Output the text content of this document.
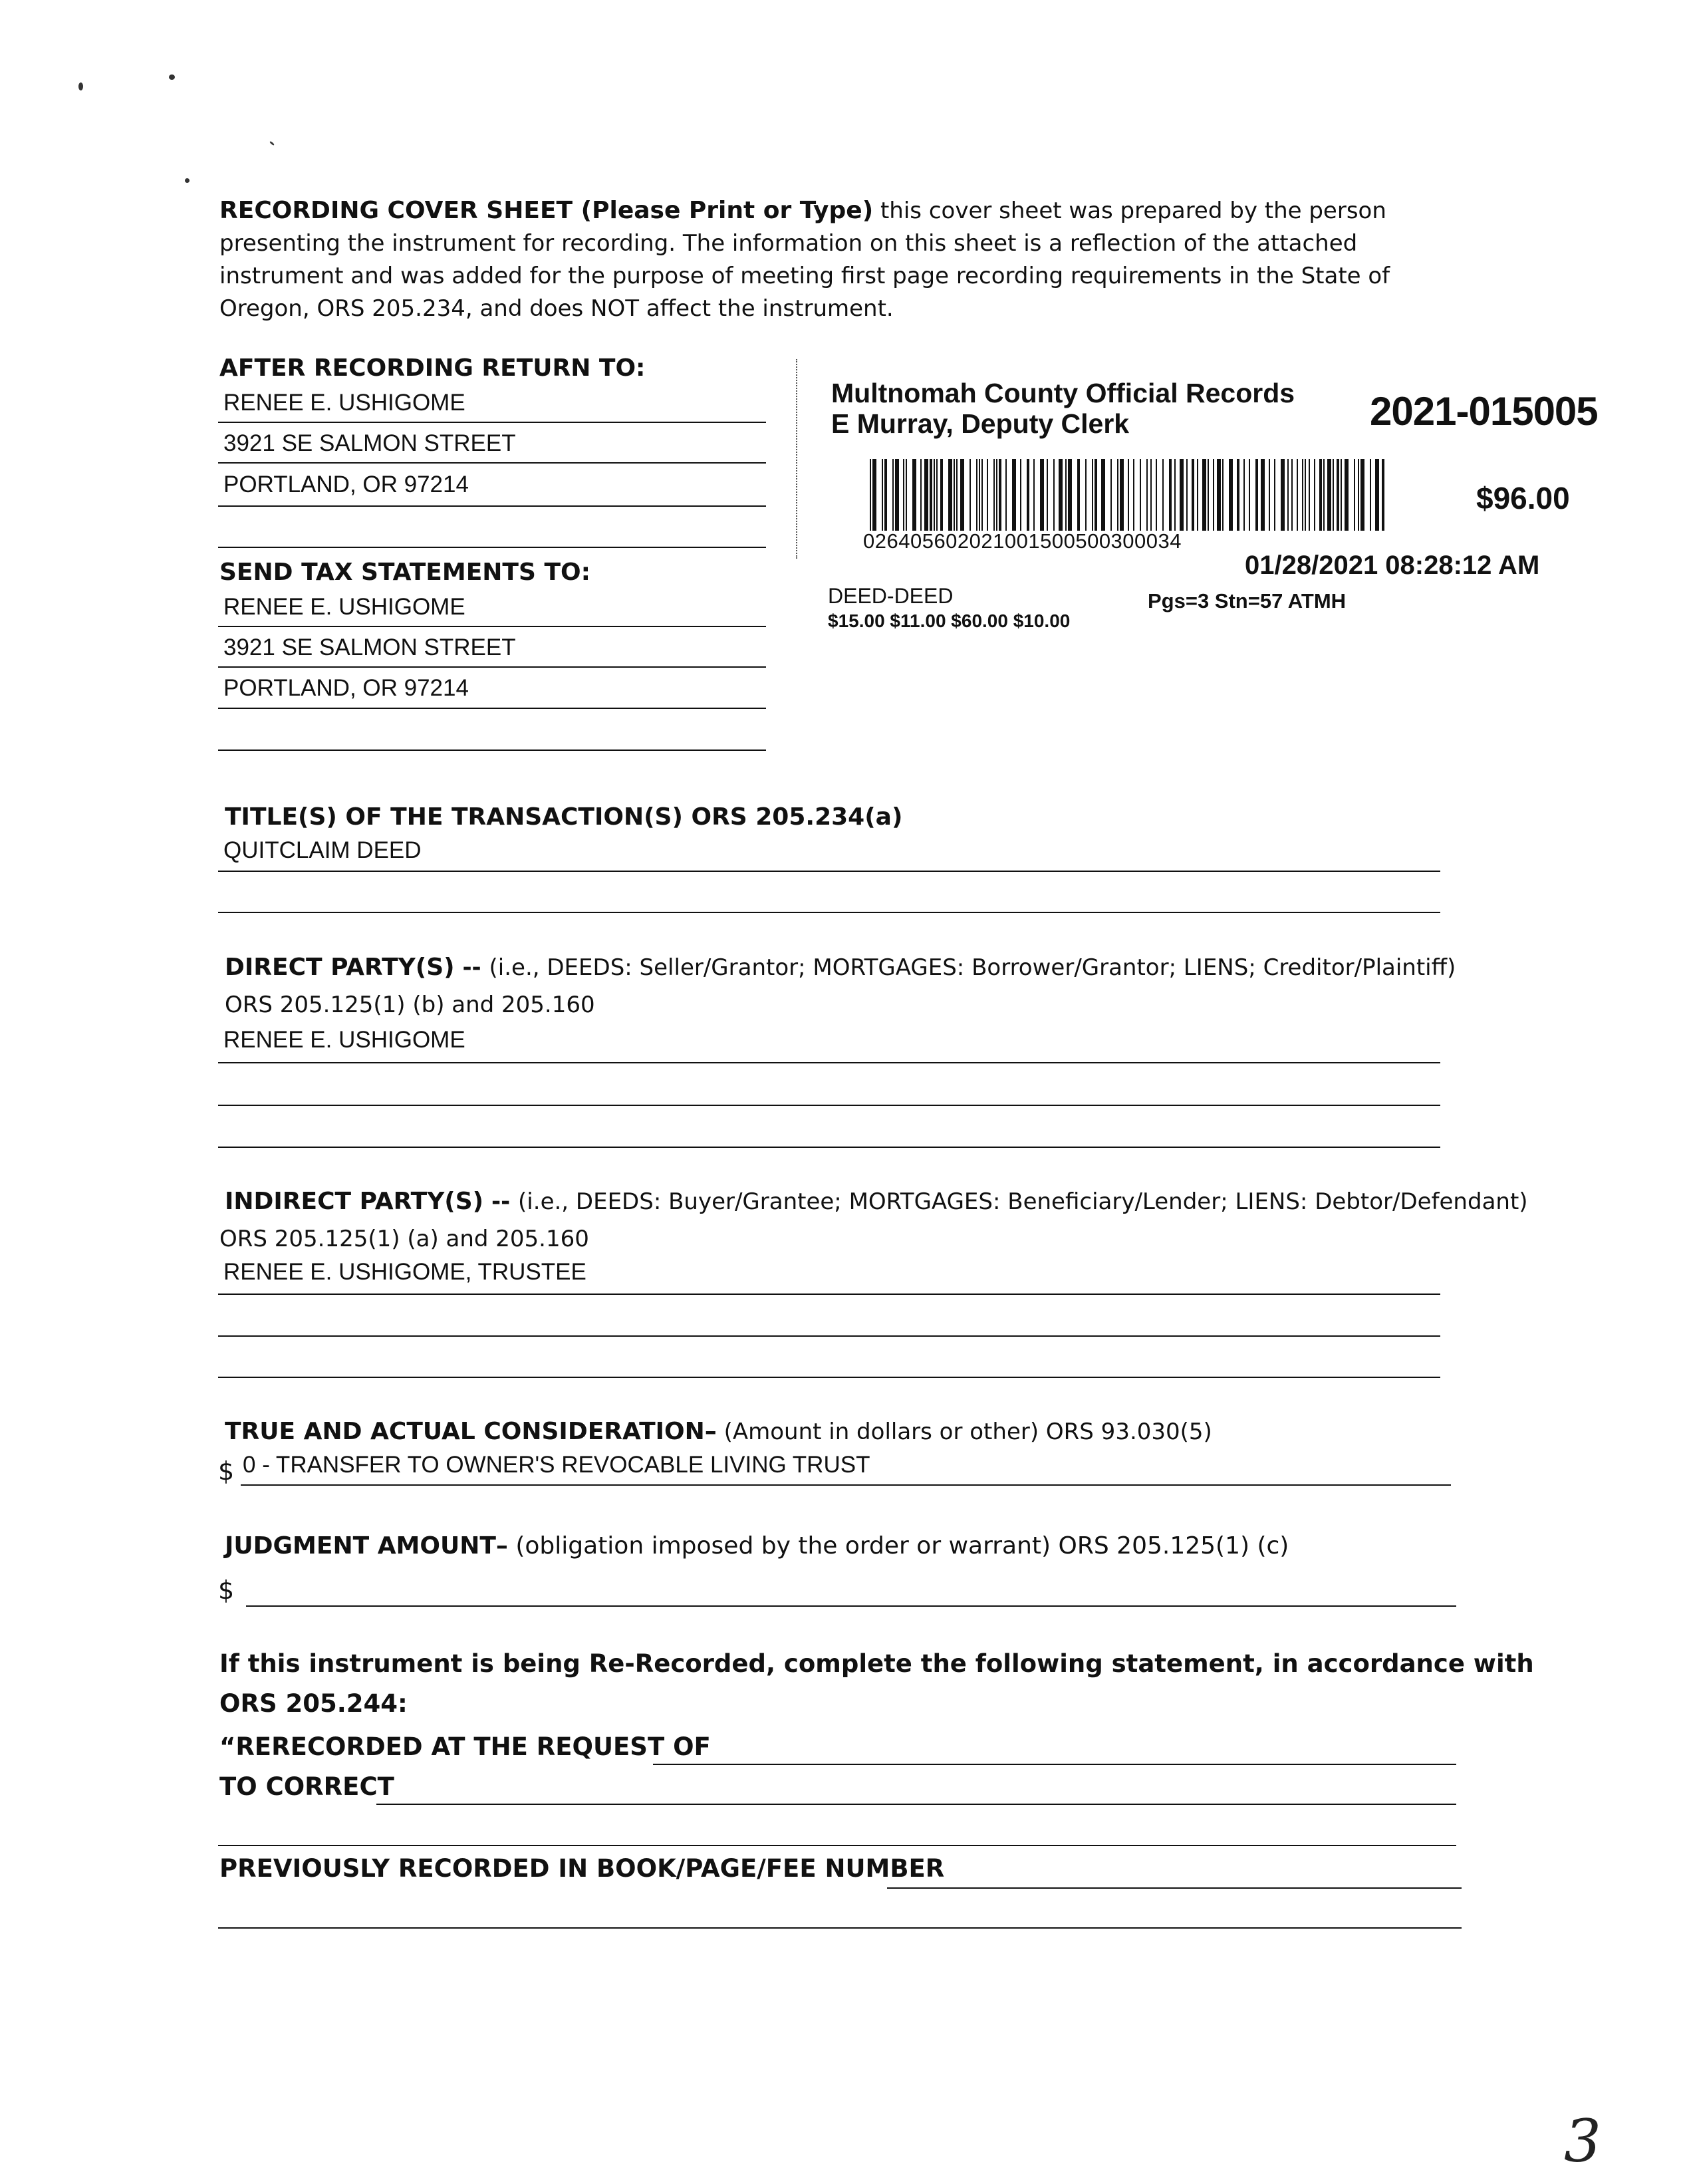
RECORDING COVER SHEET (Please Print or Type) this cover sheet was prepared by the person presenting the instrument for recording. The information on this sheet is a reflection of the attached instrument and was added for the purpose of meeting first page recording requirements in the State of Oregon, ORS 205.234, and does NOT affect the instrument.
AFTER RECORDING RETURN TO:
RENEE E. USHIGOME
3921 SE SALMON STREET
PORTLAND, OR 97214
SEND TAX STATEMENTS TO:
RENEE E. USHIGOME
3921 SE SALMON STREET
PORTLAND, OR 97214
Multnomah County Official Records
E Murray, Deputy Clerk	2021-015005
026405602021001500500300034
$96.00
01/28/2021 08:28:12 AM
DEED-DEED	Pgs=3 Stn=57 ATMH
$15.00 $11.00 $60.00 $10.00
TITLE(S) OF THE TRANSACTION(S) ORS 205.234(a)
QUITCLAIM DEED
DIRECT PARTY(S) -- (i.e., DEEDS: Seller/Grantor; MORTGAGES: Borrower/Grantor; LIENS; Creditor/Plaintiff)
ORS 205.125(1) (b) and 205.160
RENEE E. USHIGOME
INDIRECT PARTY(S) -- (i.e., DEEDS: Buyer/Grantee; MORTGAGES: Beneficiary/Lender; LIENS: Debtor/Defendant)
ORS 205.125(1) (a) and 205.160
RENEE E. USHIGOME, TRUSTEE
TRUE AND ACTUAL CONSIDERATION– (Amount in dollars or other) ORS 93.030(5)
$ 0 - TRANSFER TO OWNER'S REVOCABLE LIVING TRUST
JUDGMENT AMOUNT– (obligation imposed by the order or warrant) ORS 205.125(1) (c)
$
If this instrument is being Re-Recorded, complete the following statement, in accordance with
ORS 205.244:
“RERECORDED AT THE REQUEST OF
TO CORRECT
PREVIOUSLY RECORDED IN BOOK/PAGE/FEE NUMBER
3
